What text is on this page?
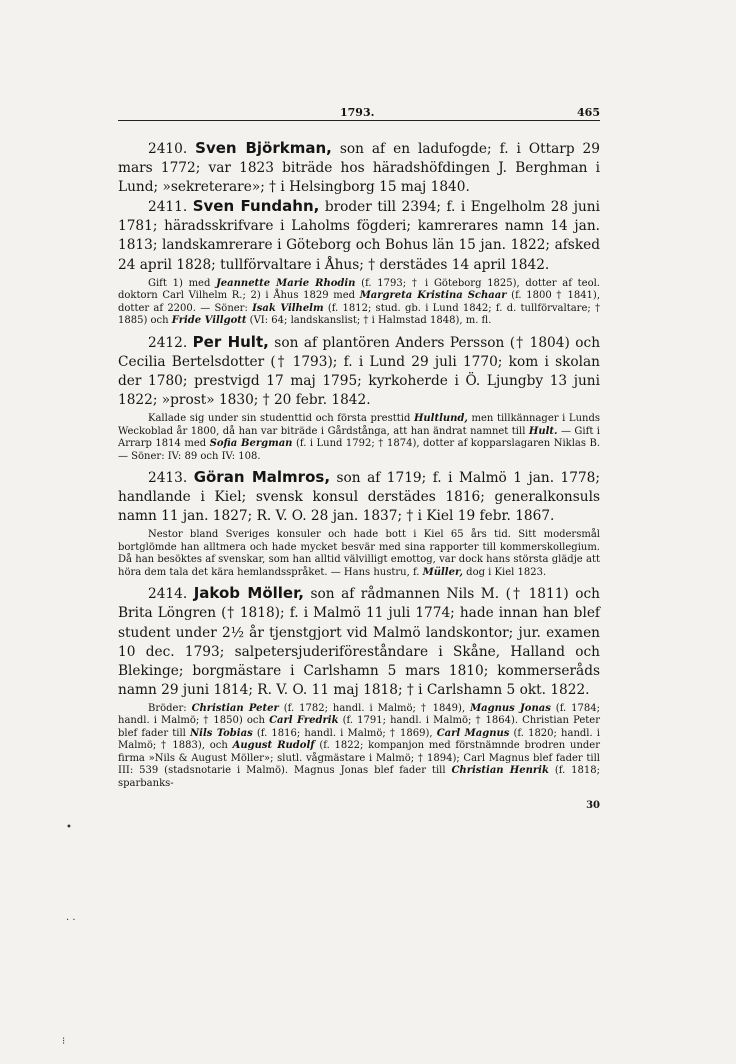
1793.	465

2410. Sven Björkman, son af en ladufogde; f. i Ottarp 29 mars 1772; var 1823 biträde hos häradshöfdingen J. Berghman i Lund; »sekreterare»; † i Helsingborg 15 maj 1840.

2411. Sven Fundahn, broder till 2394; f. i Engelholm 28 juni 1781; häradsskrifvare i Laholms fögderi; kamrerares namn 14 jan. 1813; landskamrerare i Göteborg och Bohus län 15 jan. 1822; afsked 24 april 1828; tullförvaltare i Åhus; † derstädes 14 april 1842.

Gift 1) med Jeannette Marie Rhodin (f. 1793; † i Göteborg 1825), dotter af teol. doktorn Carl Vilhelm R.; 2) i Åhus 1829 med Margreta Kristina Schaar (f. 1800 † 1841), dotter af 2200. — Söner: Isak Vilhelm (f. 1812; stud. gb. i Lund 1842; f. d. tullförvaltare; † 1885) och Fride Villgott (VI: 64; landskanslist; † i Halmstad 1848), m. fl.

2412. Per Hult, son af plantören Anders Persson († 1804) och Cecilia Bertelsdotter († 1793); f. i Lund 29 juli 1770; kom i skolan der 1780; prestvigd 17 maj 1795; kyrkoherde i Ö. Ljungby 13 juni 1822; »prost» 1830; † 20 febr. 1842.

Kallade sig under sin studenttid och första presttid Hultlund, men tillkännager i Lunds Weckoblad år 1800, då han var biträde i Gårdstånga, att han ändrat namnet till Hult. — Gift i Arrarp 1814 med Sofia Bergman (f. i Lund 1792; † 1874), dotter af kopparslagaren Niklas B. — Söner: IV: 89 och IV: 108.

2413. Göran Malmros, son af 1719; f. i Malmö 1 jan. 1778; handlande i Kiel; svensk konsul derstädes 1816; generalkonsuls namn 11 jan. 1827; R. V. O. 28 jan. 1837; † i Kiel 19 febr. 1867.

Nestor bland Sveriges konsuler och hade bott i Kiel 65 års tid. Sitt modersmål bortglömde han alltmera och hade mycket besvär med sina rapporter till kommerskollegium. Då han besöktes af svenskar, som han alltid välvilligt emottog, var dock hans största glädje att höra dem tala det kära hemlandsspråket. — Hans hustru, f. Müller, dog i Kiel 1823.

2414. Jakob Möller, son af rådmannen Nils M. († 1811) och Brita Löngren († 1818); f. i Malmö 11 juli 1774; hade innan han blef student under 2½ år tjenstgjort vid Malmö landskontor; jur. examen 10 dec. 1793; salpetersjuderiföreståndare i Skåne, Halland och Blekinge; borgmästare i Carlshamn 5 mars 1810; kommerseråds namn 29 juni 1814; R. V. O. 11 maj 1818; † i Carlshamn 5 okt. 1822.

Bröder: Christian Peter (f. 1782; handl. i Malmö; † 1849), Magnus Jonas (f. 1784; handl. i Malmö; † 1850) och Carl Fredrik (f. 1791; handl. i Malmö; † 1864). Christian Peter blef fader till Nils Tobias (f. 1816; handl. i Malmö; † 1869), Carl Magnus (f. 1820; handl. i Malmö; † 1883), och August Rudolf (f. 1822; kompanjon med förstnämnde brodren under firma »Nils & August Möller»; slutl. vågmästare i Malmö; † 1894); Carl Magnus blef fader till III: 539 (stadsnotarie i Malmö). Magnus Jonas blef fader till Christian Henrik (f. 1818; sparbanks-

30
•
· ·
⁝
